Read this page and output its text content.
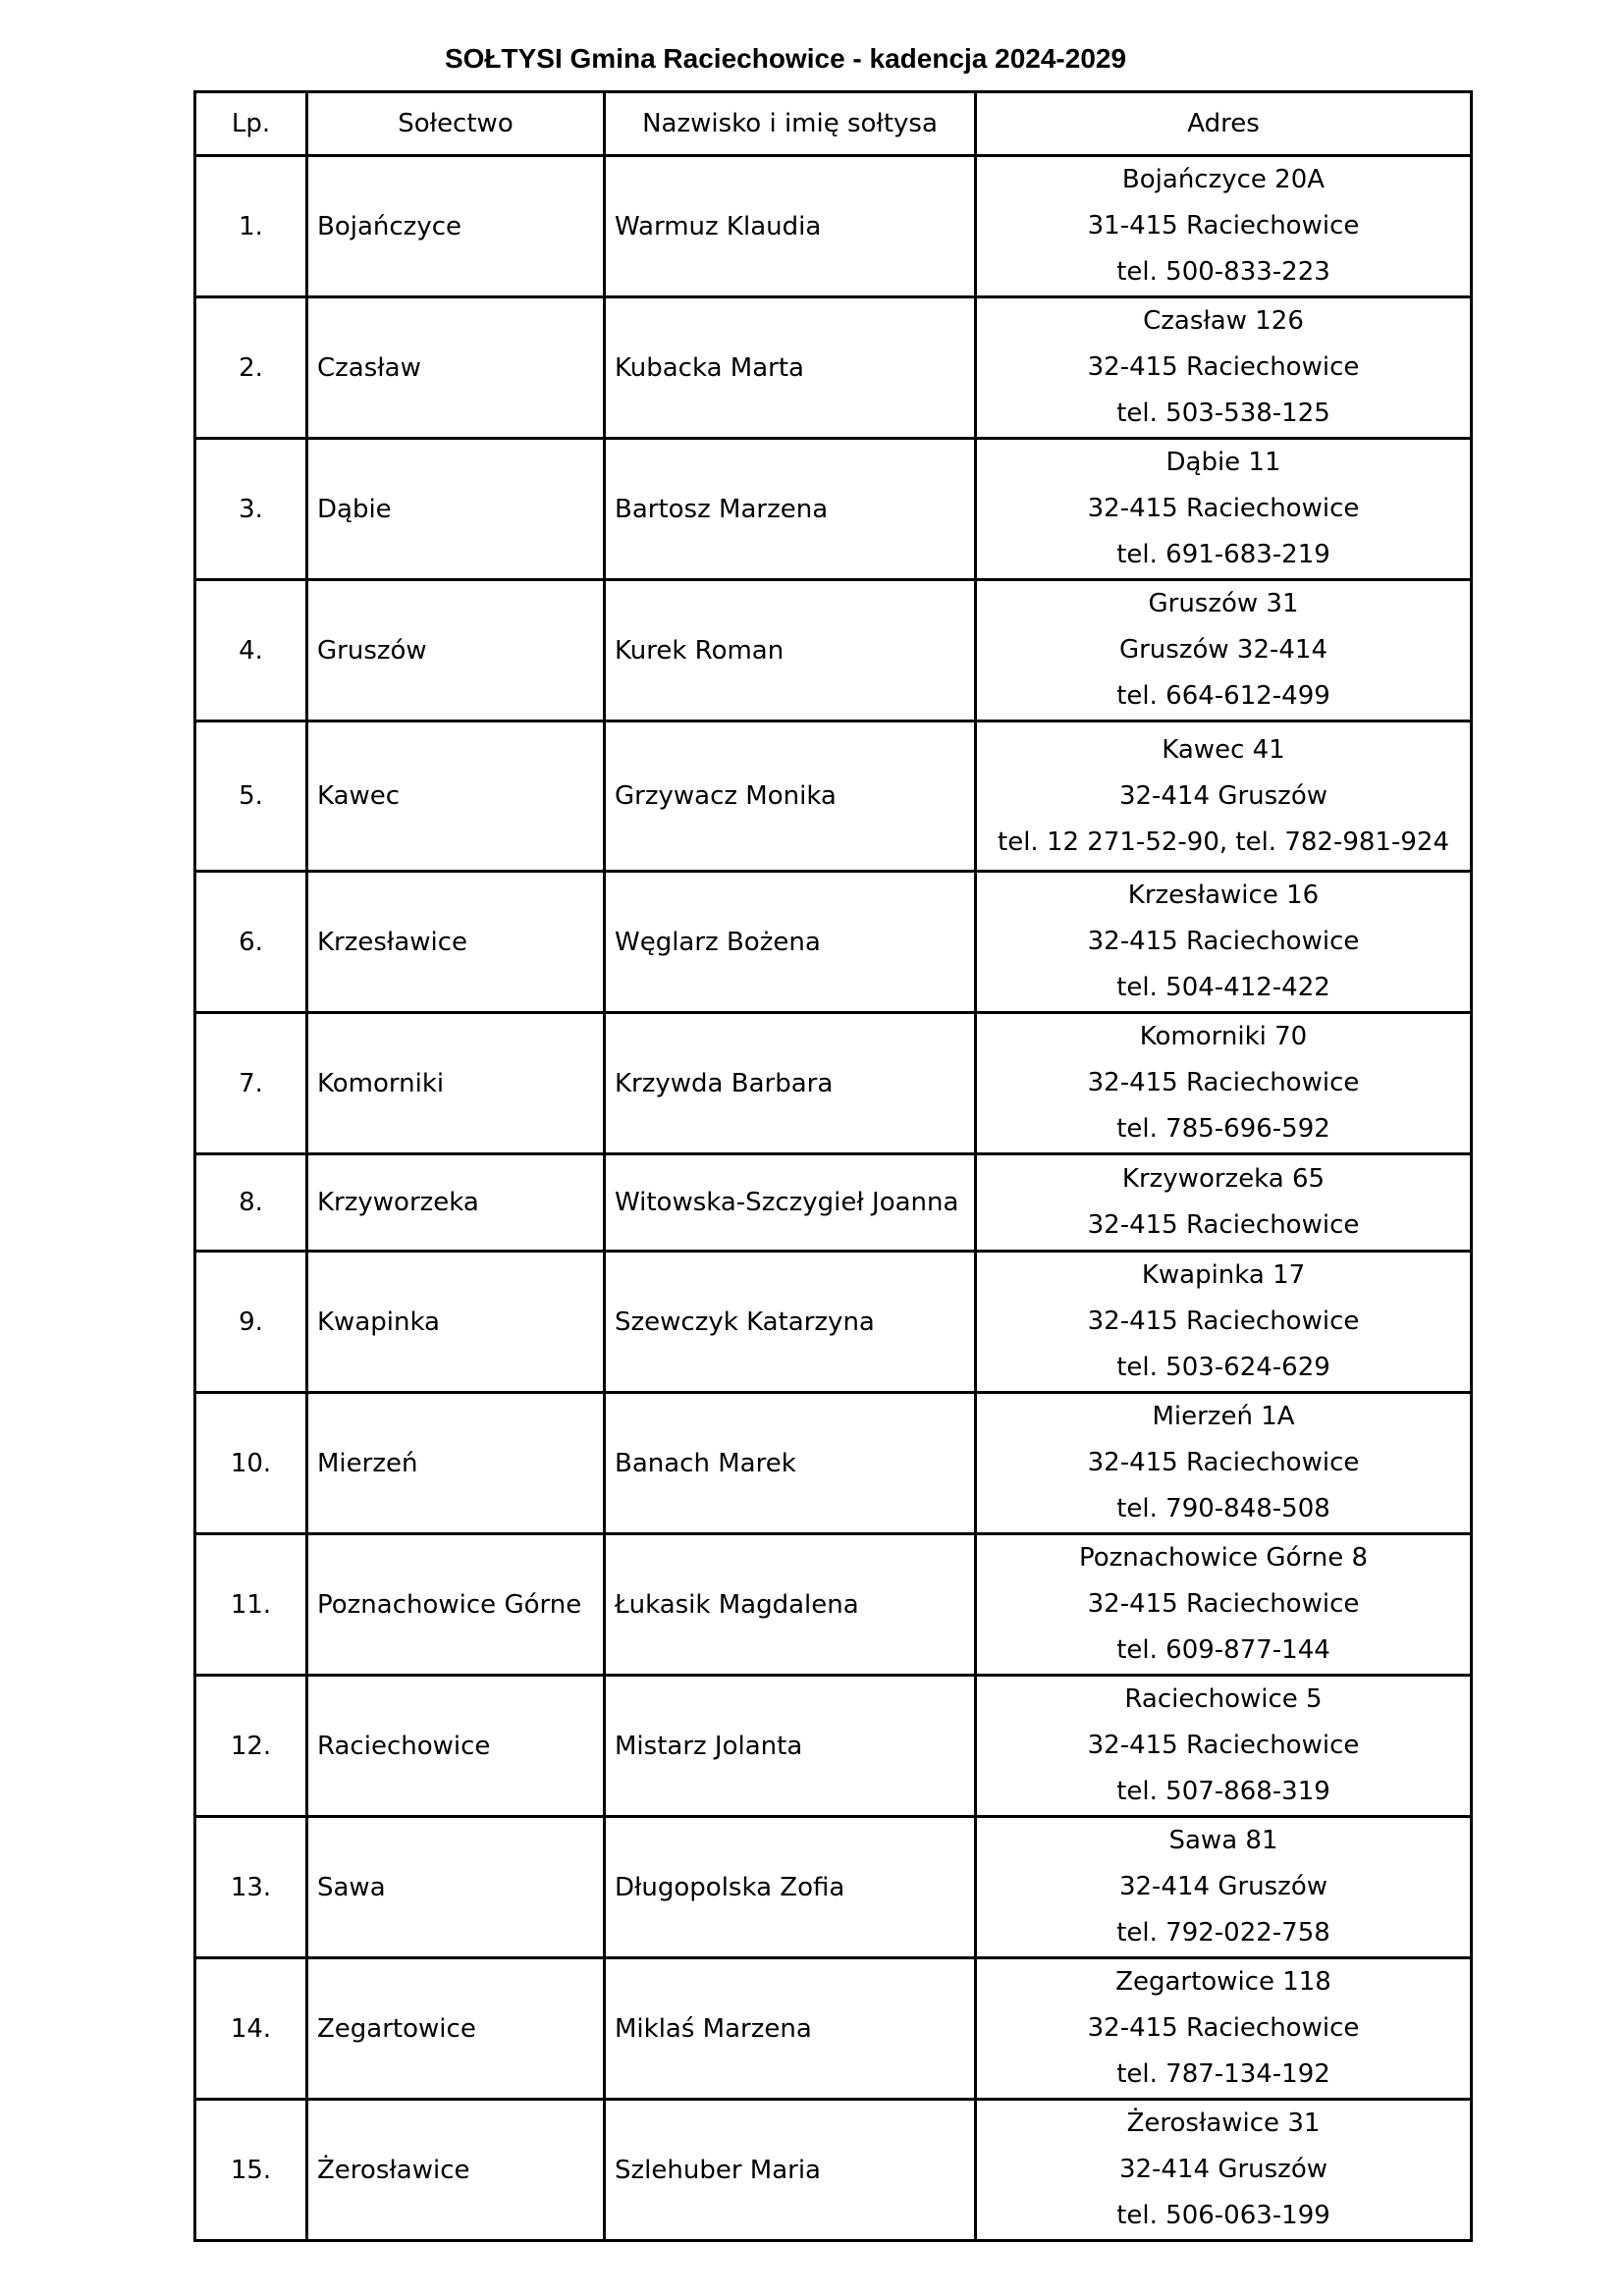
SOŁTYSI Gmina Raciechowice - kadencja 2024-2029
Lp.	Sołectwo	Nazwisko i imię sołtysa	Adres
1.	Bojańczyce	Warmuz Klaudia	Bojańczyce 20A
31-415 Raciechowice
tel. 500-833-223

2.	Czasław	Kubacka Marta	Czasław 126
32-415 Raciechowice
tel. 503-538-125

3.	Dąbie	Bartosz Marzena	Dąbie 11
32-415 Raciechowice
tel. 691-683-219

4.	Gruszów	Kurek Roman	Gruszów 31
Gruszów 32-414
tel. 664-612-499

5.	Kawec	Grzywacz Monika	Kawec 41
32-414 Gruszów
tel. 12 271-52-90, tel. 782-981-924

6.	Krzesławice	Węglarz Bożena	Krzesławice 16
32-415 Raciechowice
tel. 504-412-422

7.	Komorniki	Krzywda Barbara	Komorniki 70
32-415 Raciechowice
tel. 785-696-592

8.	Krzyworzeka	Witowska-Szczygieł Joanna	Krzyworzeka 65
32-415 Raciechowice

9.	Kwapinka	Szewczyk Katarzyna	Kwapinka 17
32-415 Raciechowice
tel. 503-624-629

10.	Mierzeń	Banach Marek	Mierzeń 1A
32-415 Raciechowice
tel. 790-848-508

11.	Poznachowice Górne	Łukasik Magdalena	Poznachowice Górne 8
32-415 Raciechowice
tel. 609-877-144

12.	Raciechowice	Mistarz Jolanta	Raciechowice 5
32-415 Raciechowice
tel. 507-868-319

13.	Sawa	Długopolska Zofia	Sawa 81
32-414 Gruszów
tel. 792-022-758

14.	Zegartowice	Miklaś Marzena	Zegartowice 118
32-415 Raciechowice
tel. 787-134-192

15.	Żerosławice	Szlehuber Maria	Żerosławice 31
32-414 Gruszów
tel. 506-063-199
